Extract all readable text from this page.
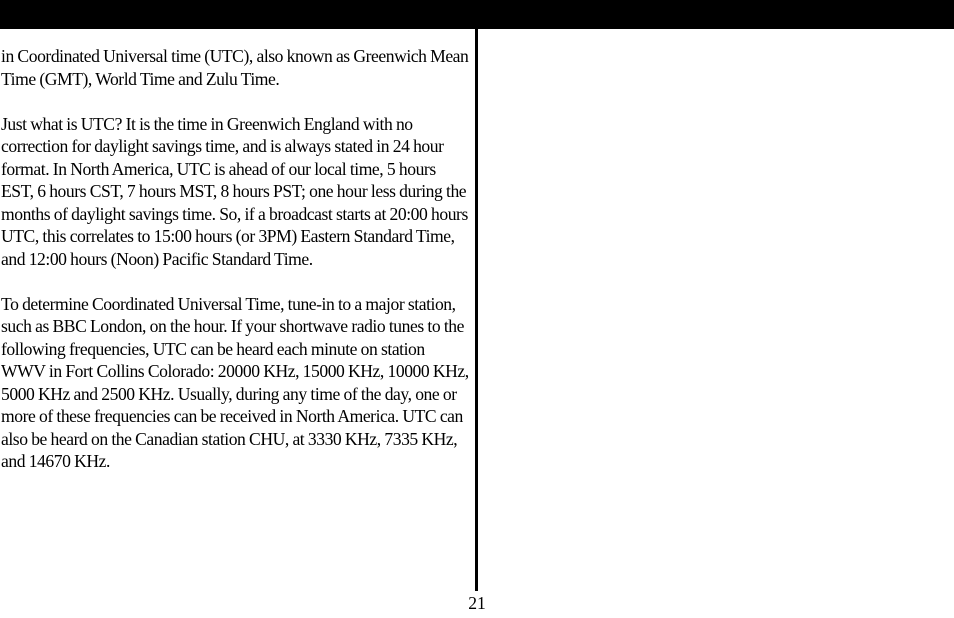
in Coordinated Universal time (UTC), also known as Greenwich Mean Time (GMT), World Time and Zulu Time.

Just what is UTC? It is the time in Greenwich England with no correction for daylight savings time, and is always stated in 24 hour format. In North America, UTC is ahead of our local time, 5 hours EST, 6 hours CST, 7 hours MST, 8 hours PST; one hour less during the months of daylight savings time. So, if a broadcast starts at 20:00 hours UTC, this correlates to 15:00 hours (or 3PM) Eastern Standard Time, and 12:00 hours (Noon) Pacific Standard Time.

To determine Coordinated Universal Time, tune-in to a major station, such as BBC London, on the hour. If your shortwave radio tunes to the following frequencies, UTC can be heard each minute on station WWV in Fort Collins Colorado: 20000 KHz, 15000 KHz, 10000 KHz, 5000 KHz and 2500 KHz. Usually, during any time of the day, one or more of these frequencies can be received in North America. UTC can also be heard on the Canadian station CHU, at 3330 KHz, 7335 KHz, and 14670 KHz.

21
